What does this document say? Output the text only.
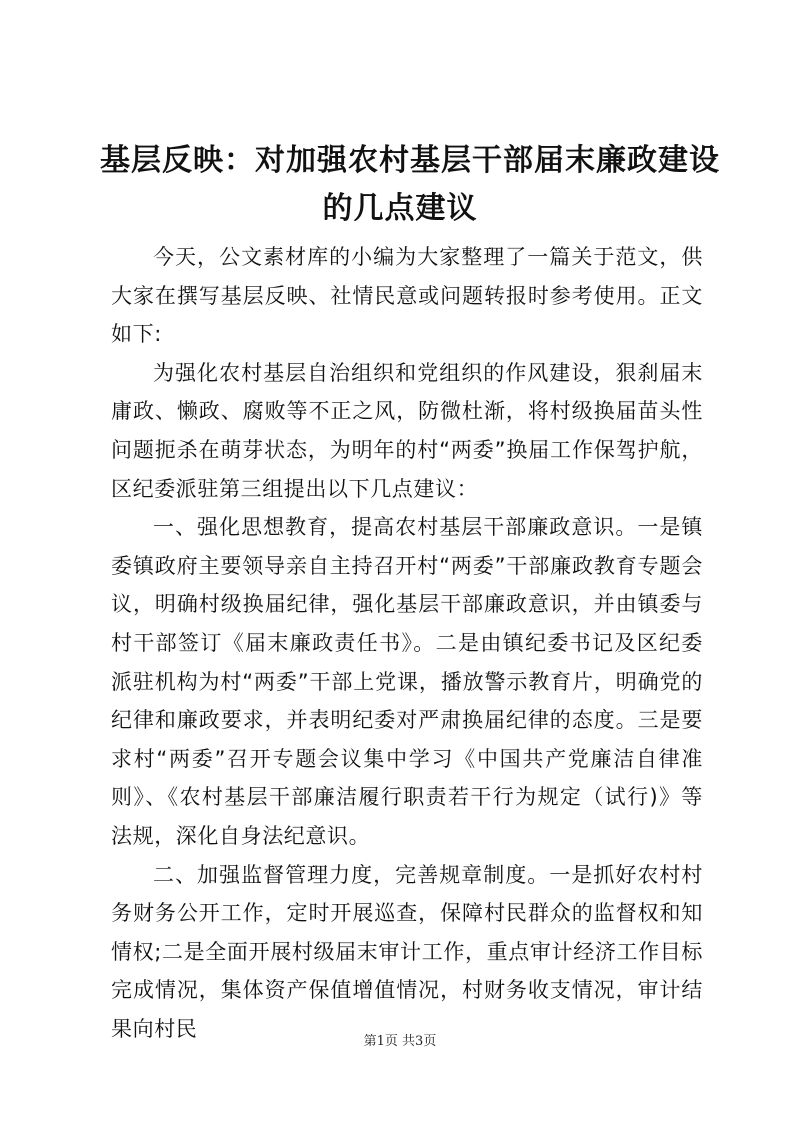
基层反映：对加强农村基层干部届末廉政建设
的几点建议

今天，公文素材库的小编为大家整理了一篇关于范文，供大家在撰写基层反映、社情民意或问题转报时参考使用。正文如下:

为强化农村基层自治组织和党组织的作风建设，狠刹届末庸政、懒政、腐败等不正之风，防微杜渐，将村级换届苗头性问题扼杀在萌芽状态，为明年的村“两委”换届工作保驾护航，区纪委派驻第三组提出以下几点建议：

一、强化思想教育，提高农村基层干部廉政意识。一是镇委镇政府主要领导亲自主持召开村“两委”干部廉政教育专题会议，明确村级换届纪律，强化基层干部廉政意识，并由镇委与村干部签订《届末廉政责任书》。二是由镇纪委书记及区纪委派驻机构为村“两委”干部上党课，播放警示教育片，明确党的纪律和廉政要求，并表明纪委对严肃换届纪律的态度。三是要求村“两委”召开专题会议集中学习《中国共产党廉洁自律准则》、《农村基层干部廉洁履行职责若干行为规定（试行)》等法规，深化自身法纪意识。

二、加强监督管理力度，完善规章制度。一是抓好农村村务财务公开工作，定时开展巡查，保障村民群众的监督权和知情权;二是全面开展村级届末审计工作，重点审计经济工作目标完成情况，集体资产保值增值情况，村财务收支情况，审计结果向村民

第1页 共3页
